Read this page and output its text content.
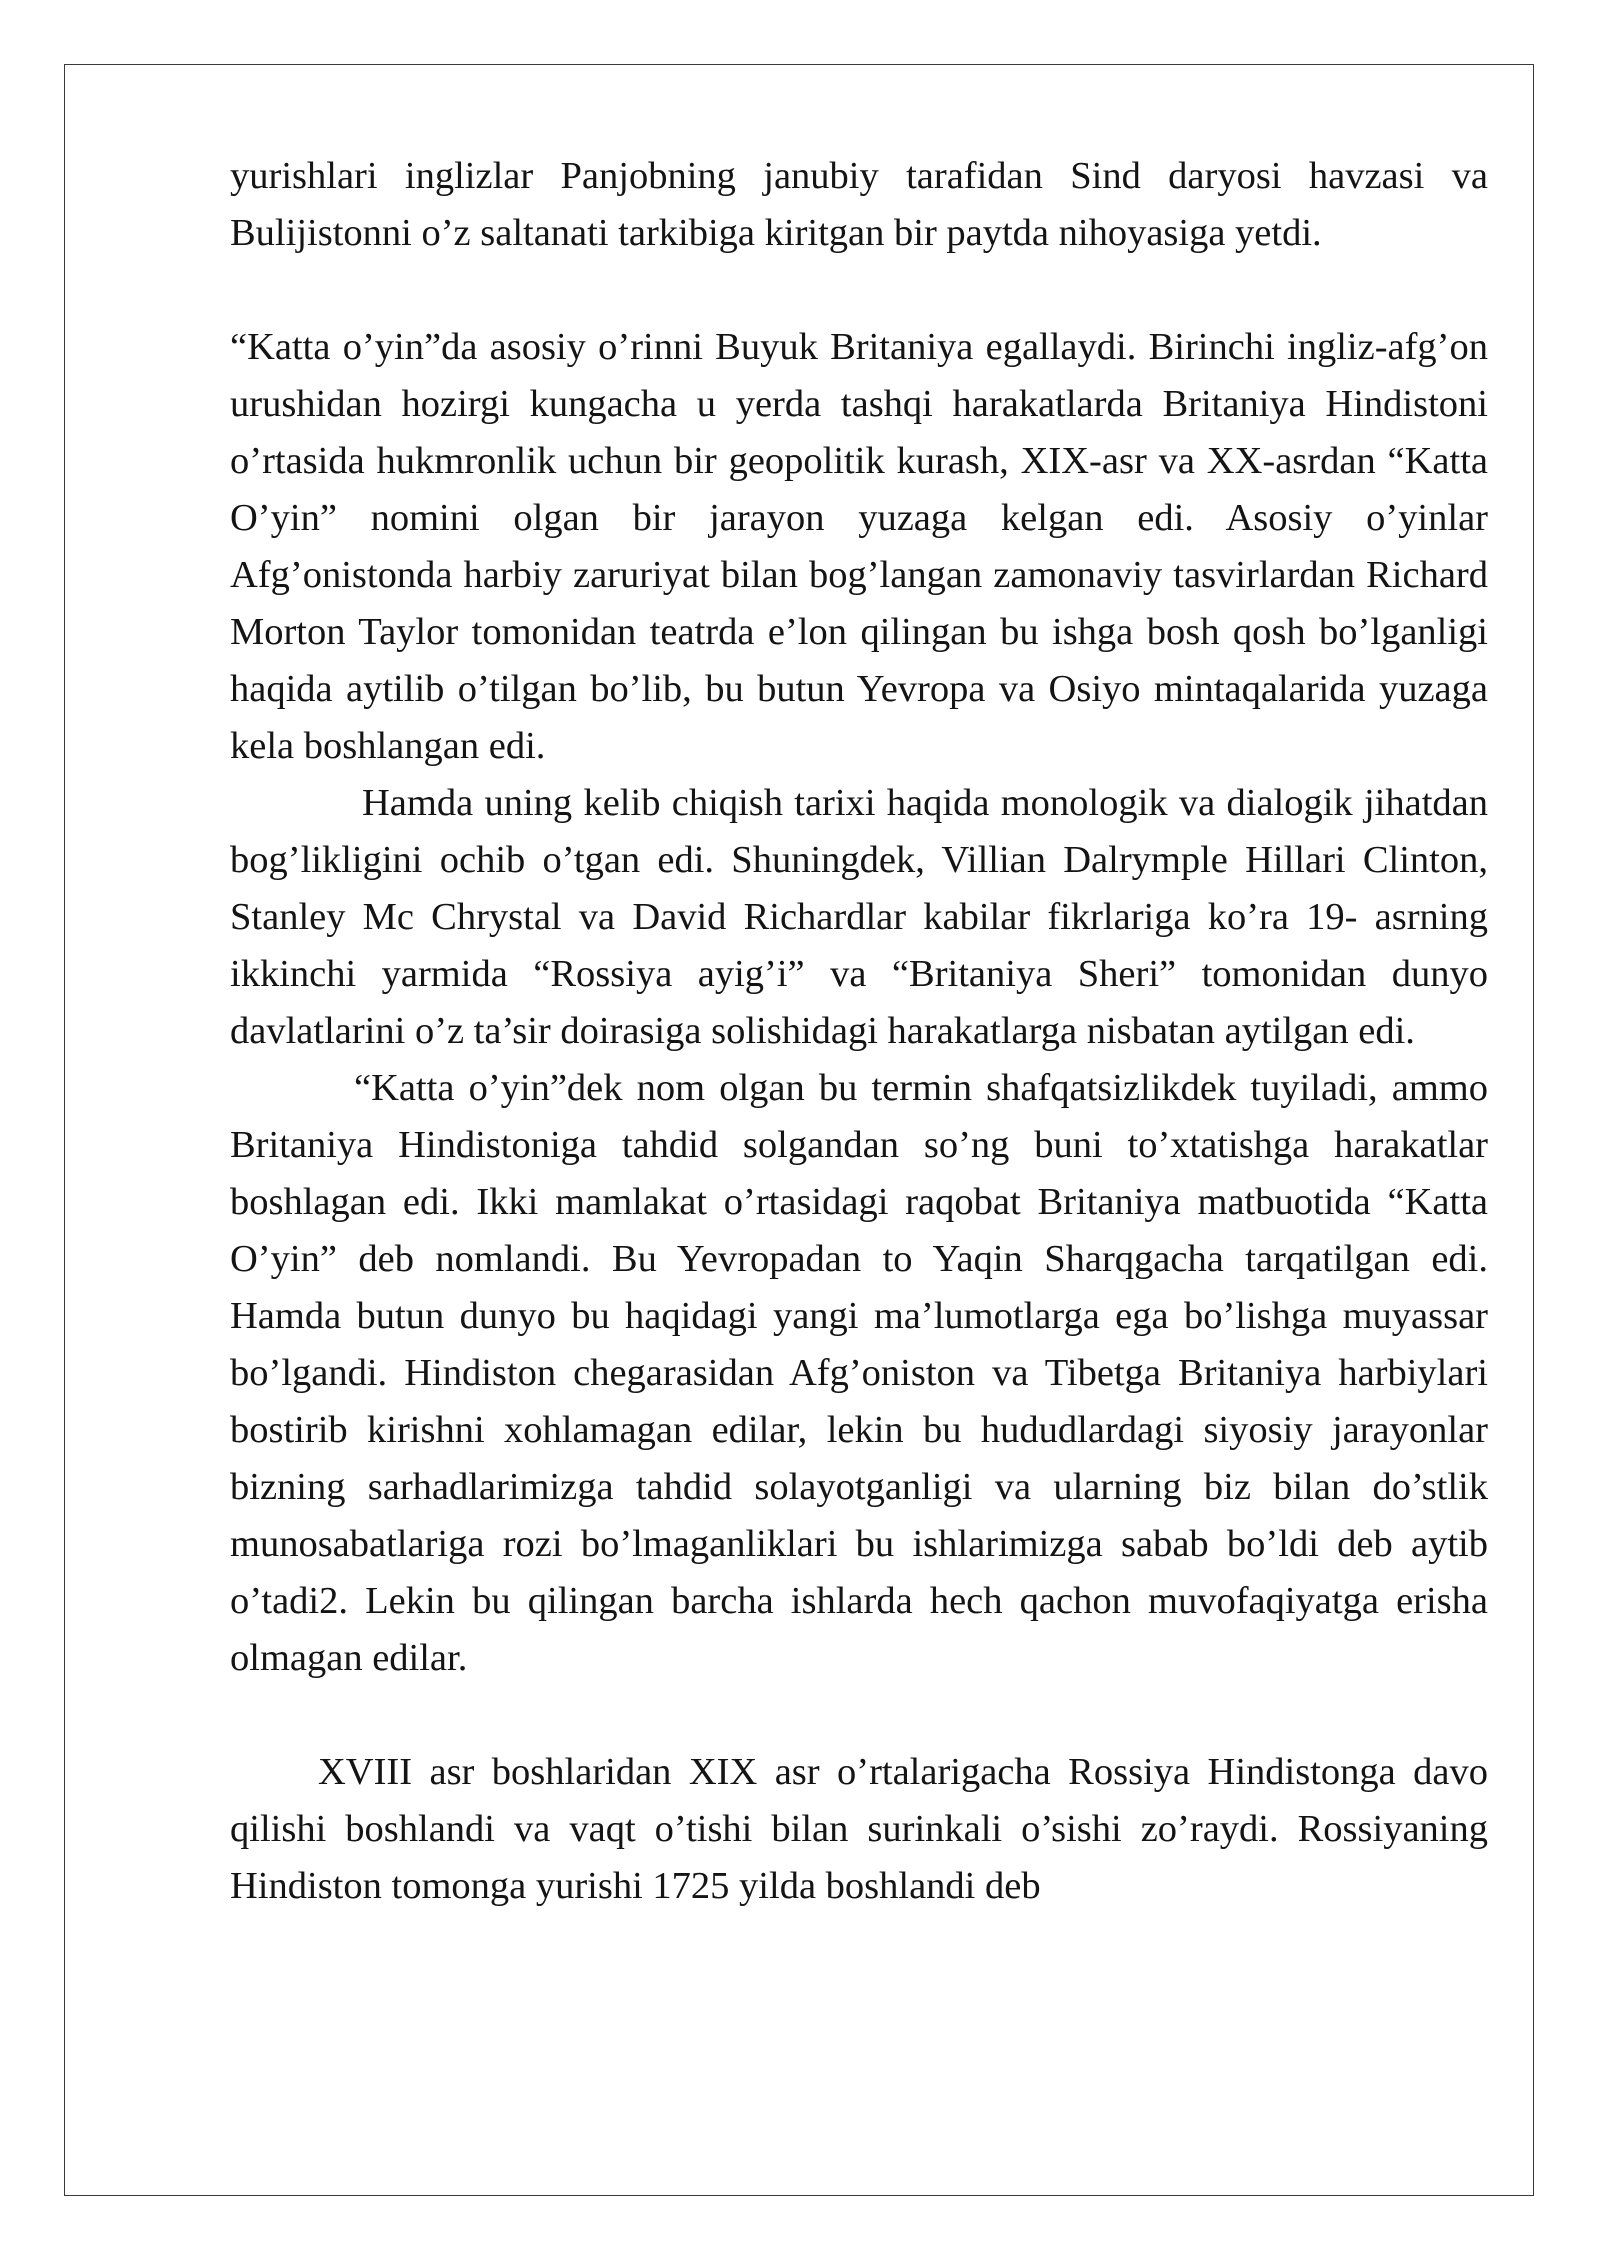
yurishlari inglizlar Panjobning janubiy tarafidan Sind daryosi havzasi va Bulijistonni o’z saltanati tarkibiga kiritgan bir paytda nihoyasiga yetdi.

“Katta o’yin”da asosiy o’rinni Buyuk Britaniya egallaydi. Birinchi ingliz-afg’on urushidan hozirgi kungacha u yerda tashqi harakatlarda Britaniya Hindistoni o’rtasida hukmronlik uchun bir geopolitik kurash, XIX-asr va XX-asrdan “Katta O’yin” nomini olgan bir jarayon yuzaga kelgan edi. Asosiy o’yinlar Afg’onistonda harbiy zaruriyat bilan bog’langan zamonaviy tasvirlardan Richard Morton Taylor tomonidan teatrda e’lon qilingan bu ishga bosh qosh bo’lganligi haqida aytilib o’tilgan bo’lib, bu butun Yevropa va Osiyo mintaqalarida yuzaga kela boshlangan edi.

Hamda uning kelib chiqish tarixi haqida monologik va dialogik jihatdan bog’likligini ochib o’tgan edi. Shuningdek, Villian Dalrymple Hillari Clinton, Stanley Mc Chrystal va David Richardlar kabilar fikrlariga ko’ra 19- asrning ikkinchi yarmida “Rossiya ayig’i” va “Britaniya Sheri” tomonidan dunyo davlatlarini o’z ta’sir doirasiga solishidagi harakatlarga nisbatan aytilgan edi.

“Katta o’yin”dek nom olgan bu termin shafqatsizlikdek tuyiladi, ammo Britaniya Hindistoniga tahdid solgandan so’ng buni to’xtatishga harakatlar boshlagan edi. Ikki mamlakat o’rtasidagi raqobat Britaniya matbuotida “Katta O’yin” deb nomlandi. Bu Yevropadan to Yaqin Sharqgacha tarqatilgan edi. Hamda butun dunyo bu haqidagi yangi ma’lumotlarga ega bo’lishga muyassar bo’lgandi. Hindiston chegarasidan Afg’oniston va Tibetga Britaniya harbiylari bostirib kirishni xohlamagan edilar, lekin bu hududlardagi siyosiy jarayonlar bizning sarhadlarimizga tahdid solayotganligi va ularning biz bilan do’stlik munosabatlariga rozi bo’lmaganliklari bu ishlarimizga sabab bo’ldi deb aytib o’tadi2. Lekin bu qilingan barcha ishlarda hech qachon muvofaqiyatga erisha olmagan edilar.

XVIII asr boshlaridan XIX asr o’rtalarigacha Rossiya Hindistonga davo qilishi boshlandi va vaqt o’tishi bilan surinkali o’sishi zo’raydi. Rossiyaning Hindiston tomonga yurishi 1725 yilda boshlandi deb
